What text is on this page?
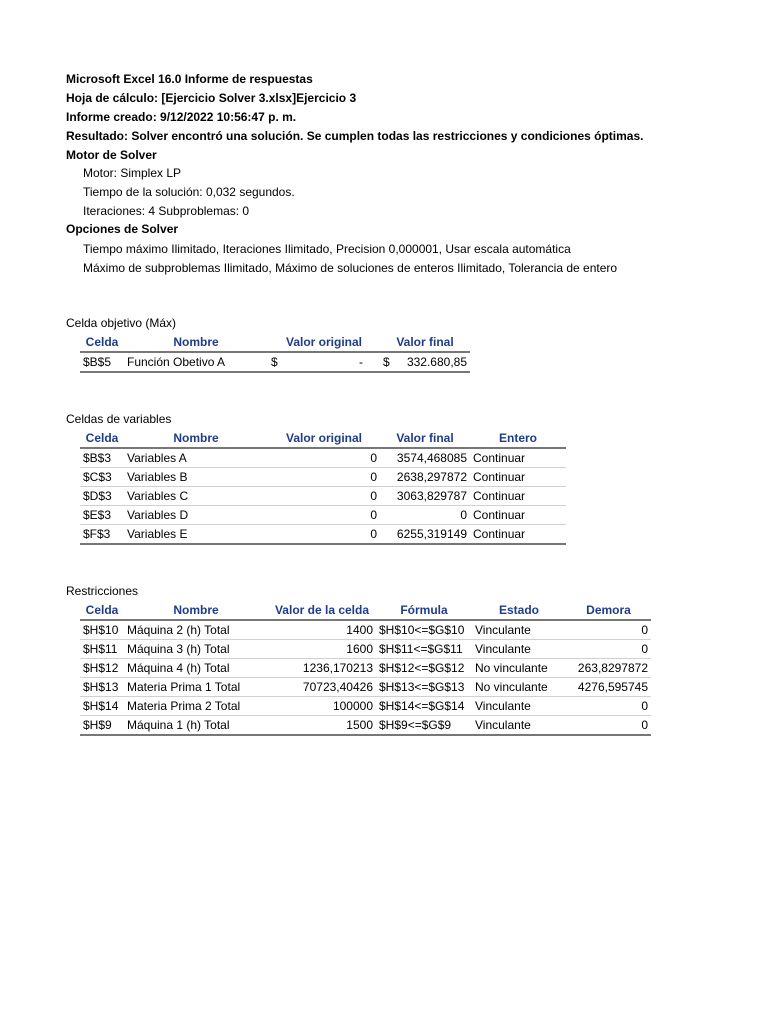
Microsoft Excel 16.0 Informe de respuestas
Hoja de cálculo: [Ejercicio Solver 3.xlsx]Ejercicio 3
Informe creado: 9/12/2022 10:56:47 p. m.
Resultado: Solver encontró una solución. Se cumplen todas las restricciones y condiciones óptimas.
Motor de Solver
Motor: Simplex LP
Tiempo de la solución: 0,032 segundos.
Iteraciones: 4 Subproblemas: 0
Opciones de Solver
Tiempo máximo Ilimitado, Iteraciones Ilimitado, Precision 0,000001, Usar escala automática
Máximo de subproblemas Ilimitado, Máximo de soluciones de enteros Ilimitado, Tolerancia de entero
Celda objetivo (Máx)
Celda	Nombre	Valor original	Valor final
$B$5	Función Obetivo A	$ -	$ 332.680,85
Celdas de variables
Celda	Nombre	Valor original	Valor final	Entero
$B$3	Variables A	0	3574,468085	Continuar
$C$3	Variables B	0	2638,297872	Continuar
$D$3	Variables C	0	3063,829787	Continuar
$E$3	Variables D	0	0	Continuar
$F$3	Variables E	0	6255,319149	Continuar
Restricciones
Celda	Nombre	Valor de la celda	Fórmula	Estado	Demora
$H$10	Máquina 2 (h) Total	1400	$H$10<=$G$10	Vinculante	0
$H$11	Máquina 3 (h) Total	1600	$H$11<=$G$11	Vinculante	0
$H$12	Máquina 4 (h) Total	1236,170213	$H$12<=$G$12	No vinculante	263,8297872
$H$13	Materia Prima 1 Total	70723,40426	$H$13<=$G$13	No vinculante	4276,595745
$H$14	Materia Prima 2 Total	100000	$H$14<=$G$14	Vinculante	0
$H$9	Máquina 1 (h) Total	1500	$H$9<=$G$9	Vinculante	0
